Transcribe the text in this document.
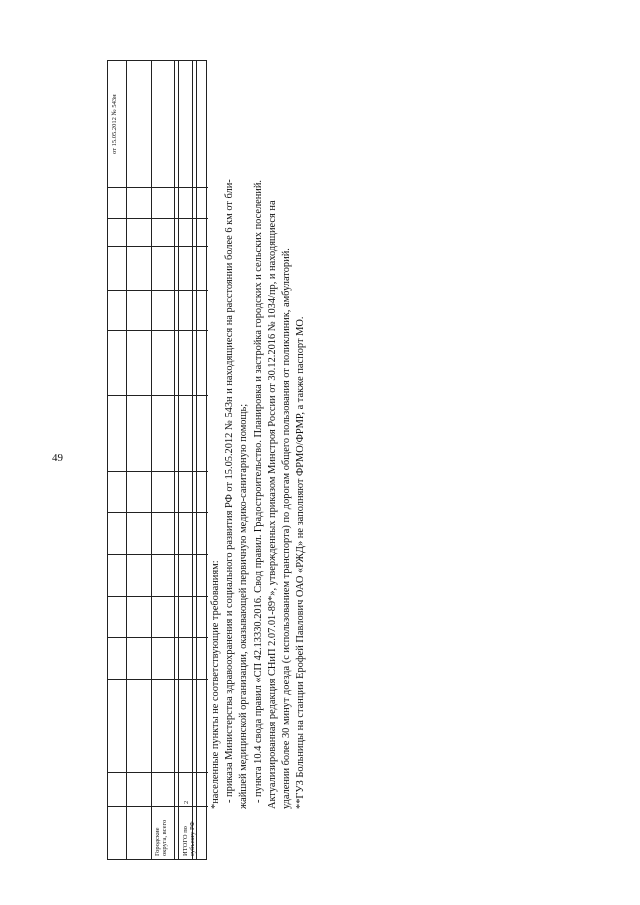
49
Городские округа, всего ИТОГО по субъекту РФ
2
от 15.05.2012 № 543н

*населенные пункты не соответствующие требованиям: - приказа Министерства здравоохранения и социального развития РФ от 15.05.2012 № 543н и находящиеся на расстоянии более 6 км от бли- жайшей медицинской организации, оказывающей первичную медико-санитарную помощь; - пункта 10.4 свода правил «СП 42.13330.2016. Свод правил. Градостроительство. Планировка и застройка городских и сельских поселений. Актуализированная редакция СНиП 2.07.01-89*», утвержденных приказом Минстроя России от 30.12.2016 № 1034/пр, и находящиеся на удалении более 30 минут доезда (с использованием транспорта) по дорогам общего пользования от поликлиник, амбулаторий. **ГУЗ Больницы на станции Ерофей Павлович ОАО «РЖД» не заполняют ФРМО/ФРМР, а также паспорт МО.
